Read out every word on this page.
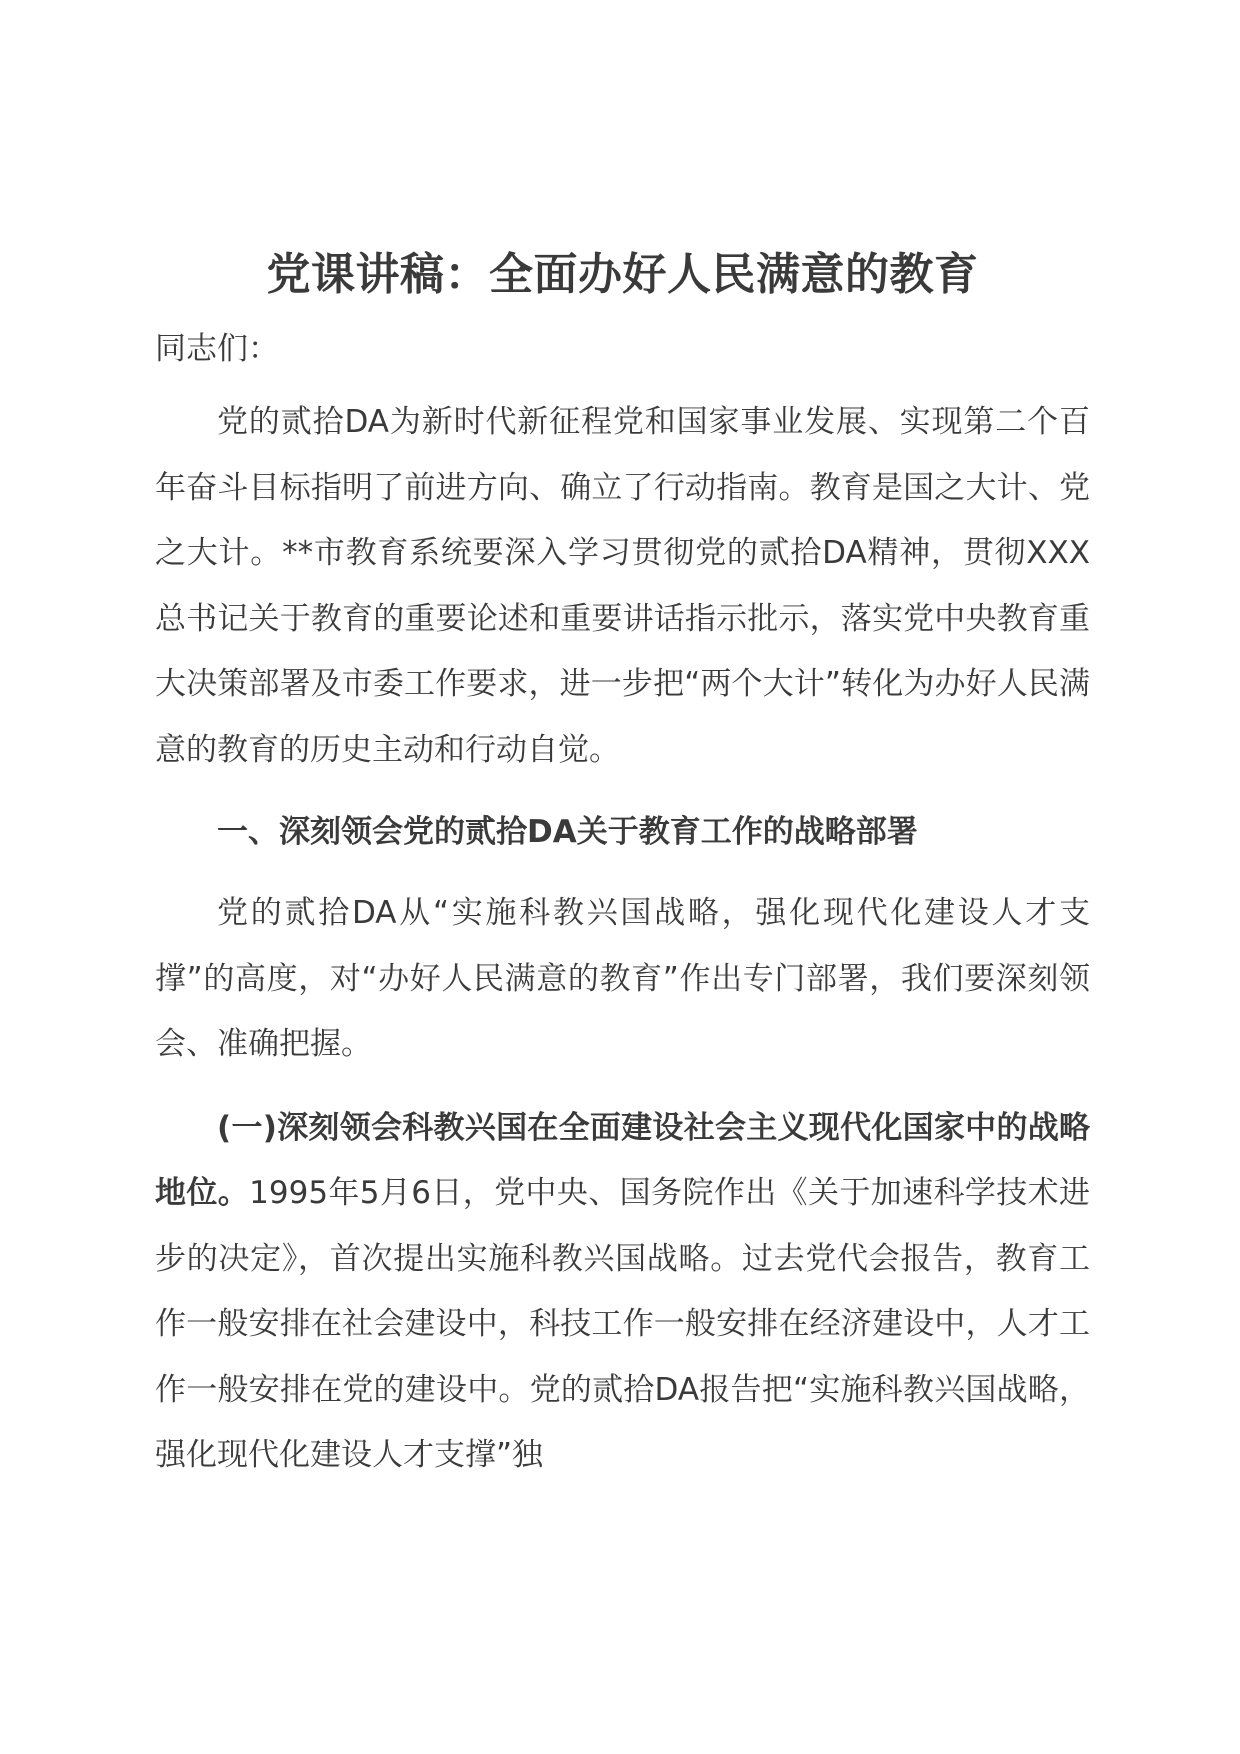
党课讲稿：全面办好人民满意的教育

同志们：

党的贰拾DA为新时代新征程党和国家事业发展、实现第二个百年奋斗目标指明了前进方向、确立了行动指南。教育是国之大计、党之大计。**市教育系统要深入学习贯彻党的贰拾DA精神，贯彻XXX总书记关于教育的重要论述和重要讲话指示批示，落实党中央教育重大决策部署及市委工作要求，进一步把“两个大计”转化为办好人民满意的教育的历史主动和行动自觉。

一、深刻领会党的贰拾DA关于教育工作的战略部署

党的贰拾DA从“实施科教兴国战略，强化现代化建设人才支撑”的高度，对“办好人民满意的教育”作出专门部署，我们要深刻领会、准确把握。

(一)深刻领会科教兴国在全面建设社会主义现代化国家中的战略地位。1995年5月6日，党中央、国务院作出《关于加速科学技术进步的决定》，首次提出实施科教兴国战略。过去党代会报告，教育工作一般安排在社会建设中，科技工作一般安排在经济建设中，人才工作一般安排在党的建设中。党的贰拾DA报告把“实施科教兴国战略，强化现代化建设人才支撑”独
